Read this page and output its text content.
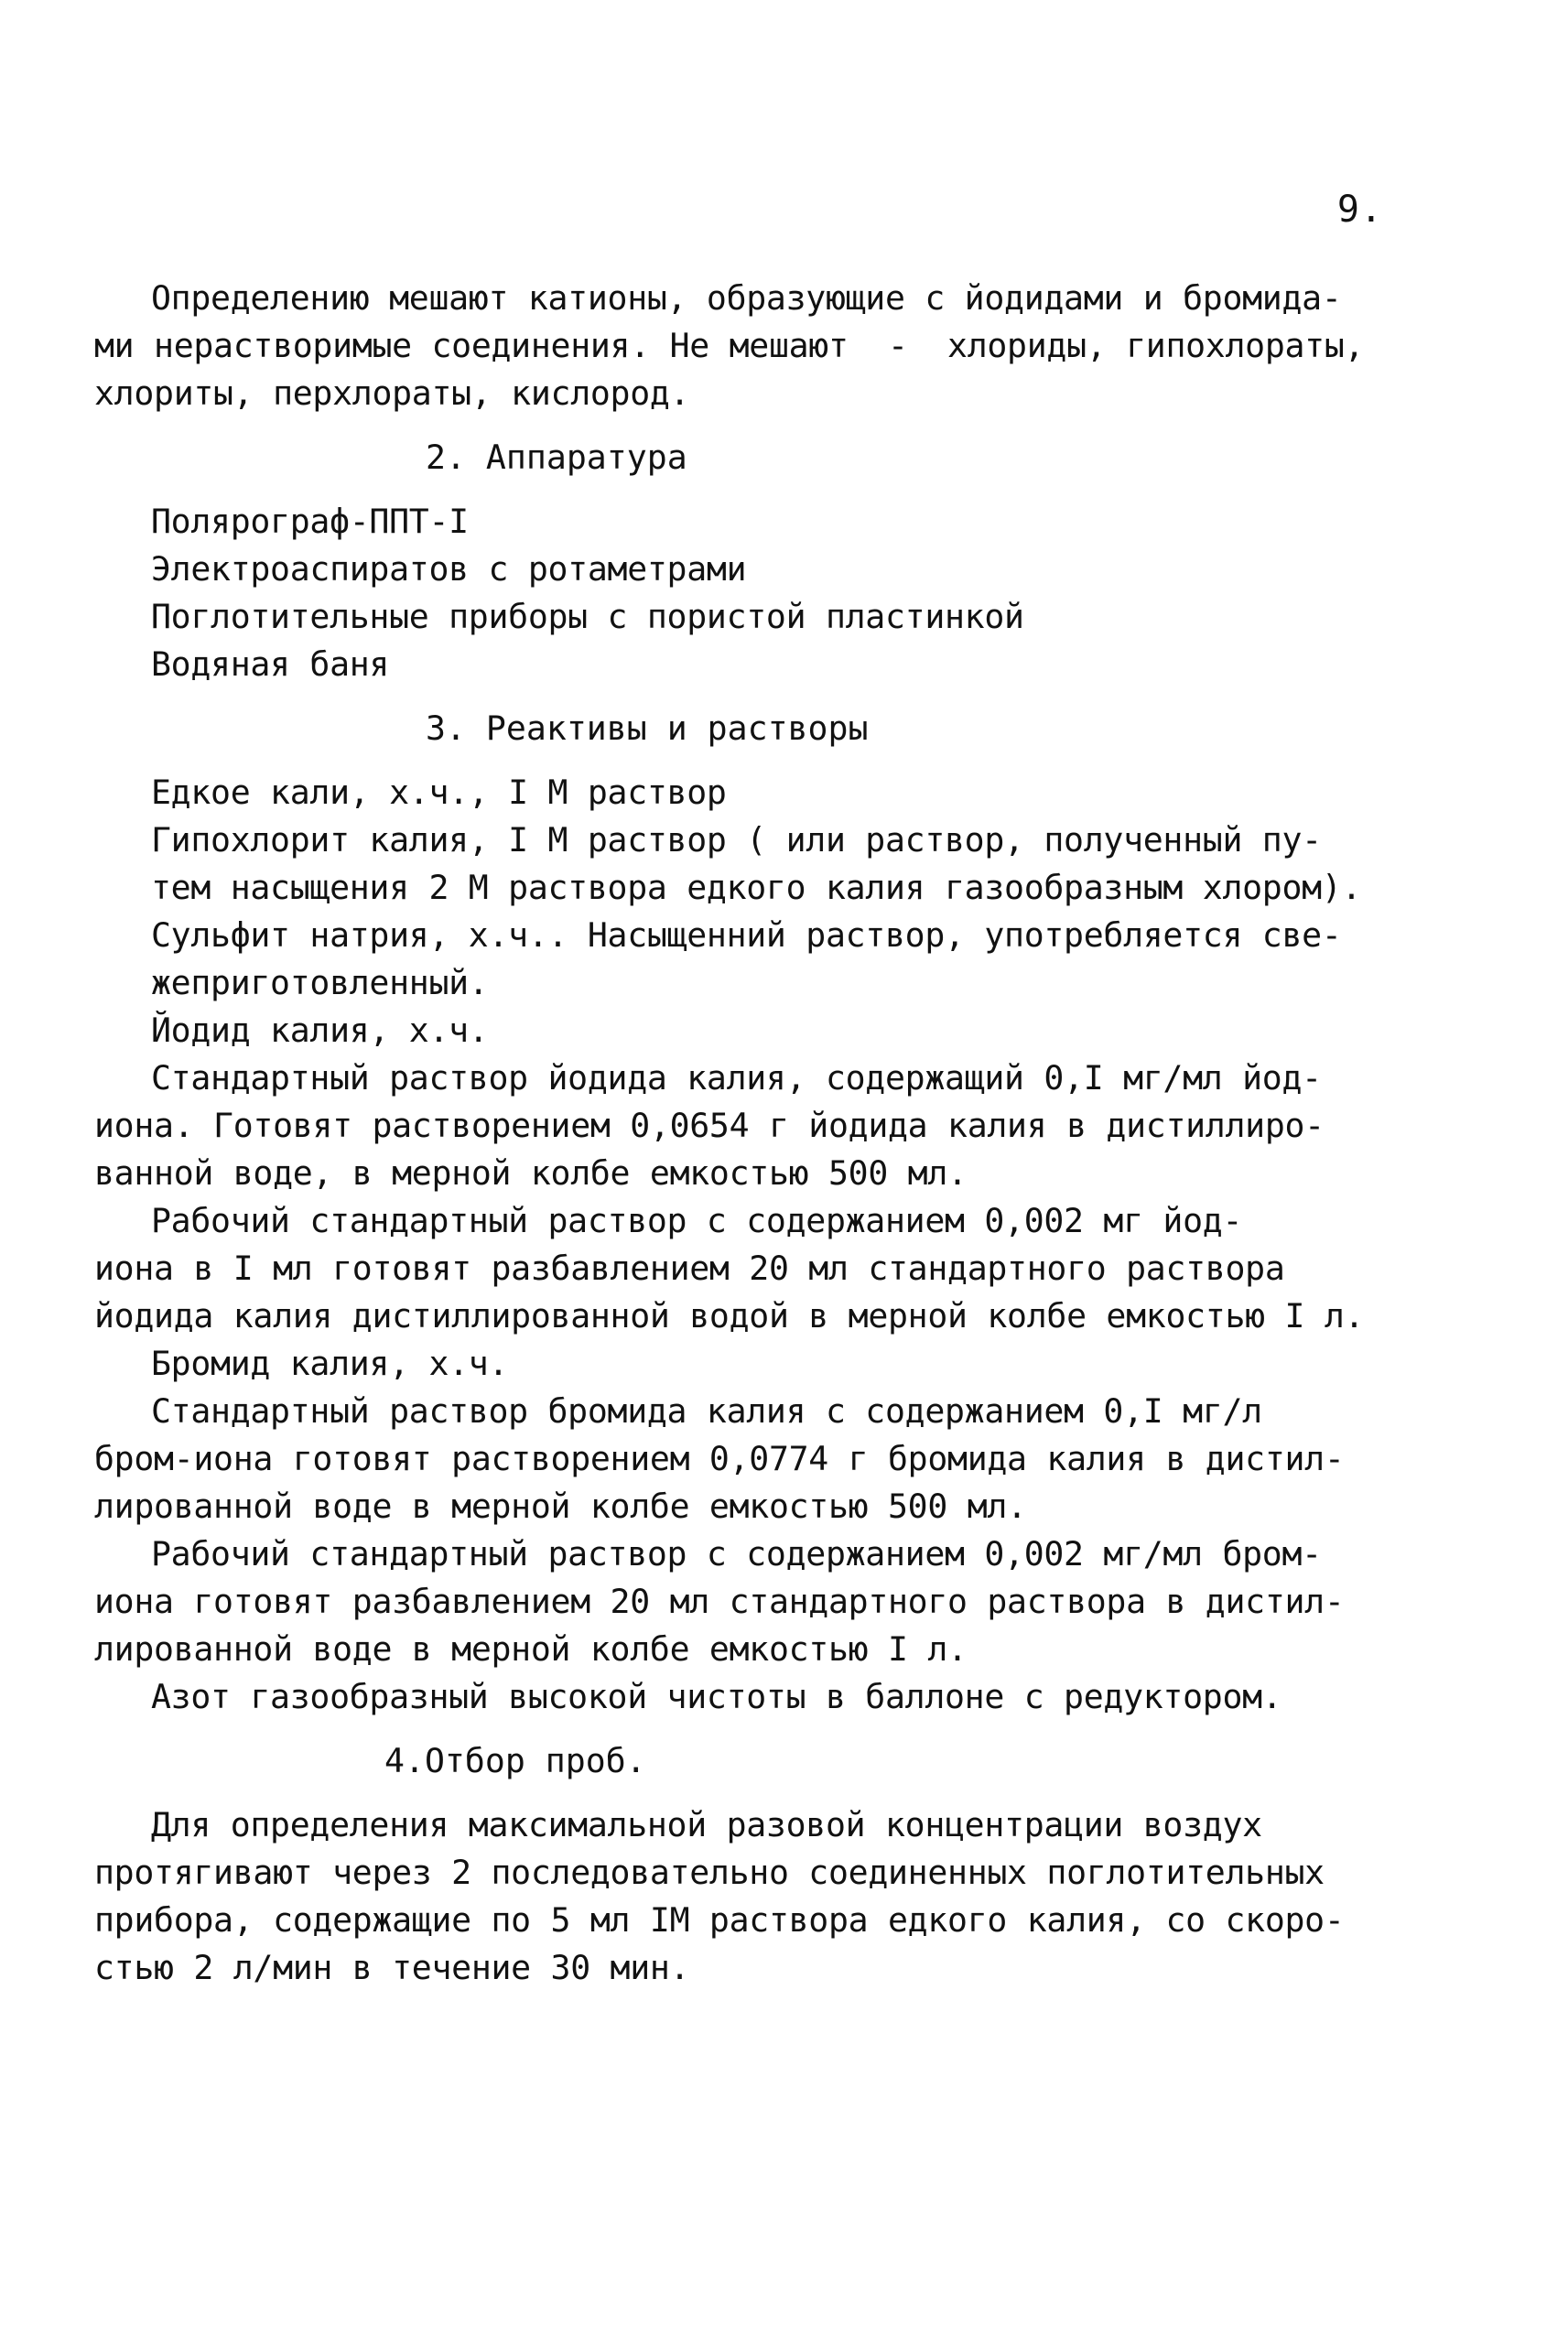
9.
Определению мешают катионы, образующие с йодидами и бромида-
ми нерастворимые соединения. Не мешают  -  хлориды, гипохлораты,
хлориты, перхлораты, кислород.
2. Аппаратура
Полярограф-ППТ-I
Электроаспиратов с ротаметрами
Поглотительные приборы с пористой пластинкой
Водяная баня
3. Реактивы и растворы
Едкое кали, х.ч., I М раствор
Гипохлорит калия, I М раствор ( или раствор, полученный пу-
тем насыщения 2 М раствора едкого калия газообразным хлором).
Сульфит натрия, х.ч.. Насыщенний раствор, употребляется све-
жеприготовленный.
Йодид калия, х.ч.
Стандартный раствор йодида калия, содержащий 0,I мг/мл йод-
иона. Готовят растворением 0,0654 г йодида калия в дистиллиро-
ванной воде, в мерной колбе емкостью 500 мл.
Рабочий стандартный раствор с содержанием 0,002 мг йод-
иона в I мл готовят разбавлением 20 мл стандартного раствора
йодида калия дистиллированной водой в мерной колбе емкостью I л.
Бромид калия, х.ч.
Стандартный раствор бромида калия с содержанием 0,I мг/л
бром-иона готовят растворением 0,0774 г бромида калия в дистил-
лированной воде в мерной колбе емкостью 500 мл.
Рабочий стандартный раствор с содержанием 0,002 мг/мл бром-
иона готовят разбавлением 20 мл стандартного раствора в дистил-
лированной воде в мерной колбе емкостью I л.
Азот газообразный высокой чистоты в баллоне с редуктором.
4.Отбор проб.
Для определения максимальной разовой концентрации воздух
протягивают через 2 последовательно соединенных поглотительных
прибора, содержащие по 5 мл IМ раствора едкого калия, со скоро-
стью 2 л/мин в течение 30 мин.
